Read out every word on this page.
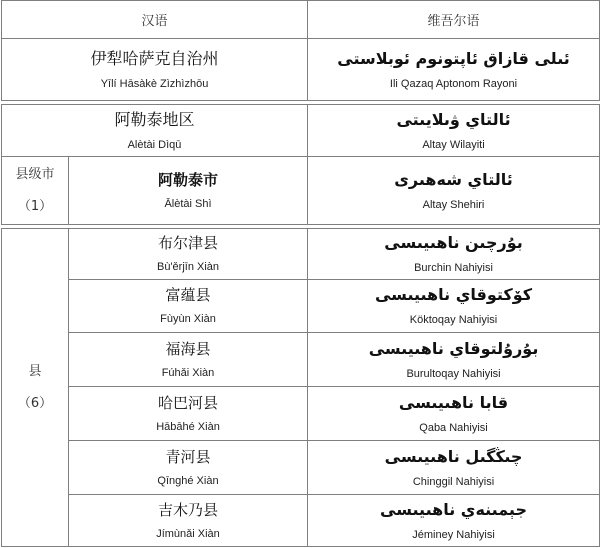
汉语		维吾尔语

伊犁哈萨克自治州
Yīlí Hāsàkè Zìzhìzhōu		ئىلى قازاق ئاپتونوم ئوبلاستى
Ili Qazaq Aptonom Rayoni

阿勒泰地区
Alètài Dìqū		ئالتاي ۋىلايىتى
Altay Wilayiti

县级市
（1）	阿勒泰市
Ālètài Shì	ئالتاي شەھىرى
Altay Shehiri

县
（6）	布尔津县
Bù'ěrjīn Xiàn	بۇرچىن ناھىيىسى
Burchin Nahiyisi

	富蕴县
Fùyùn Xiàn	كۆكتوقاي ناھىيىسى
Köktoqay Nahiyisi

	福海县
Fúhǎi Xiàn	بۇرۇلتوقاي ناھىيىسى
Burultoqay Nahiyisi

	哈巴河县
Hābāhé Xiàn	قابا ناھىيىسى
Qaba Nahiyisi

	青河县
Qīnghé Xiàn	چىڭگىل ناھىيىسى
Chinggil Nahiyisi

	吉木乃县
Jímùnǎi Xiàn	جېمىنەي ناھىيىسى
Jéminey Nahiyisi
